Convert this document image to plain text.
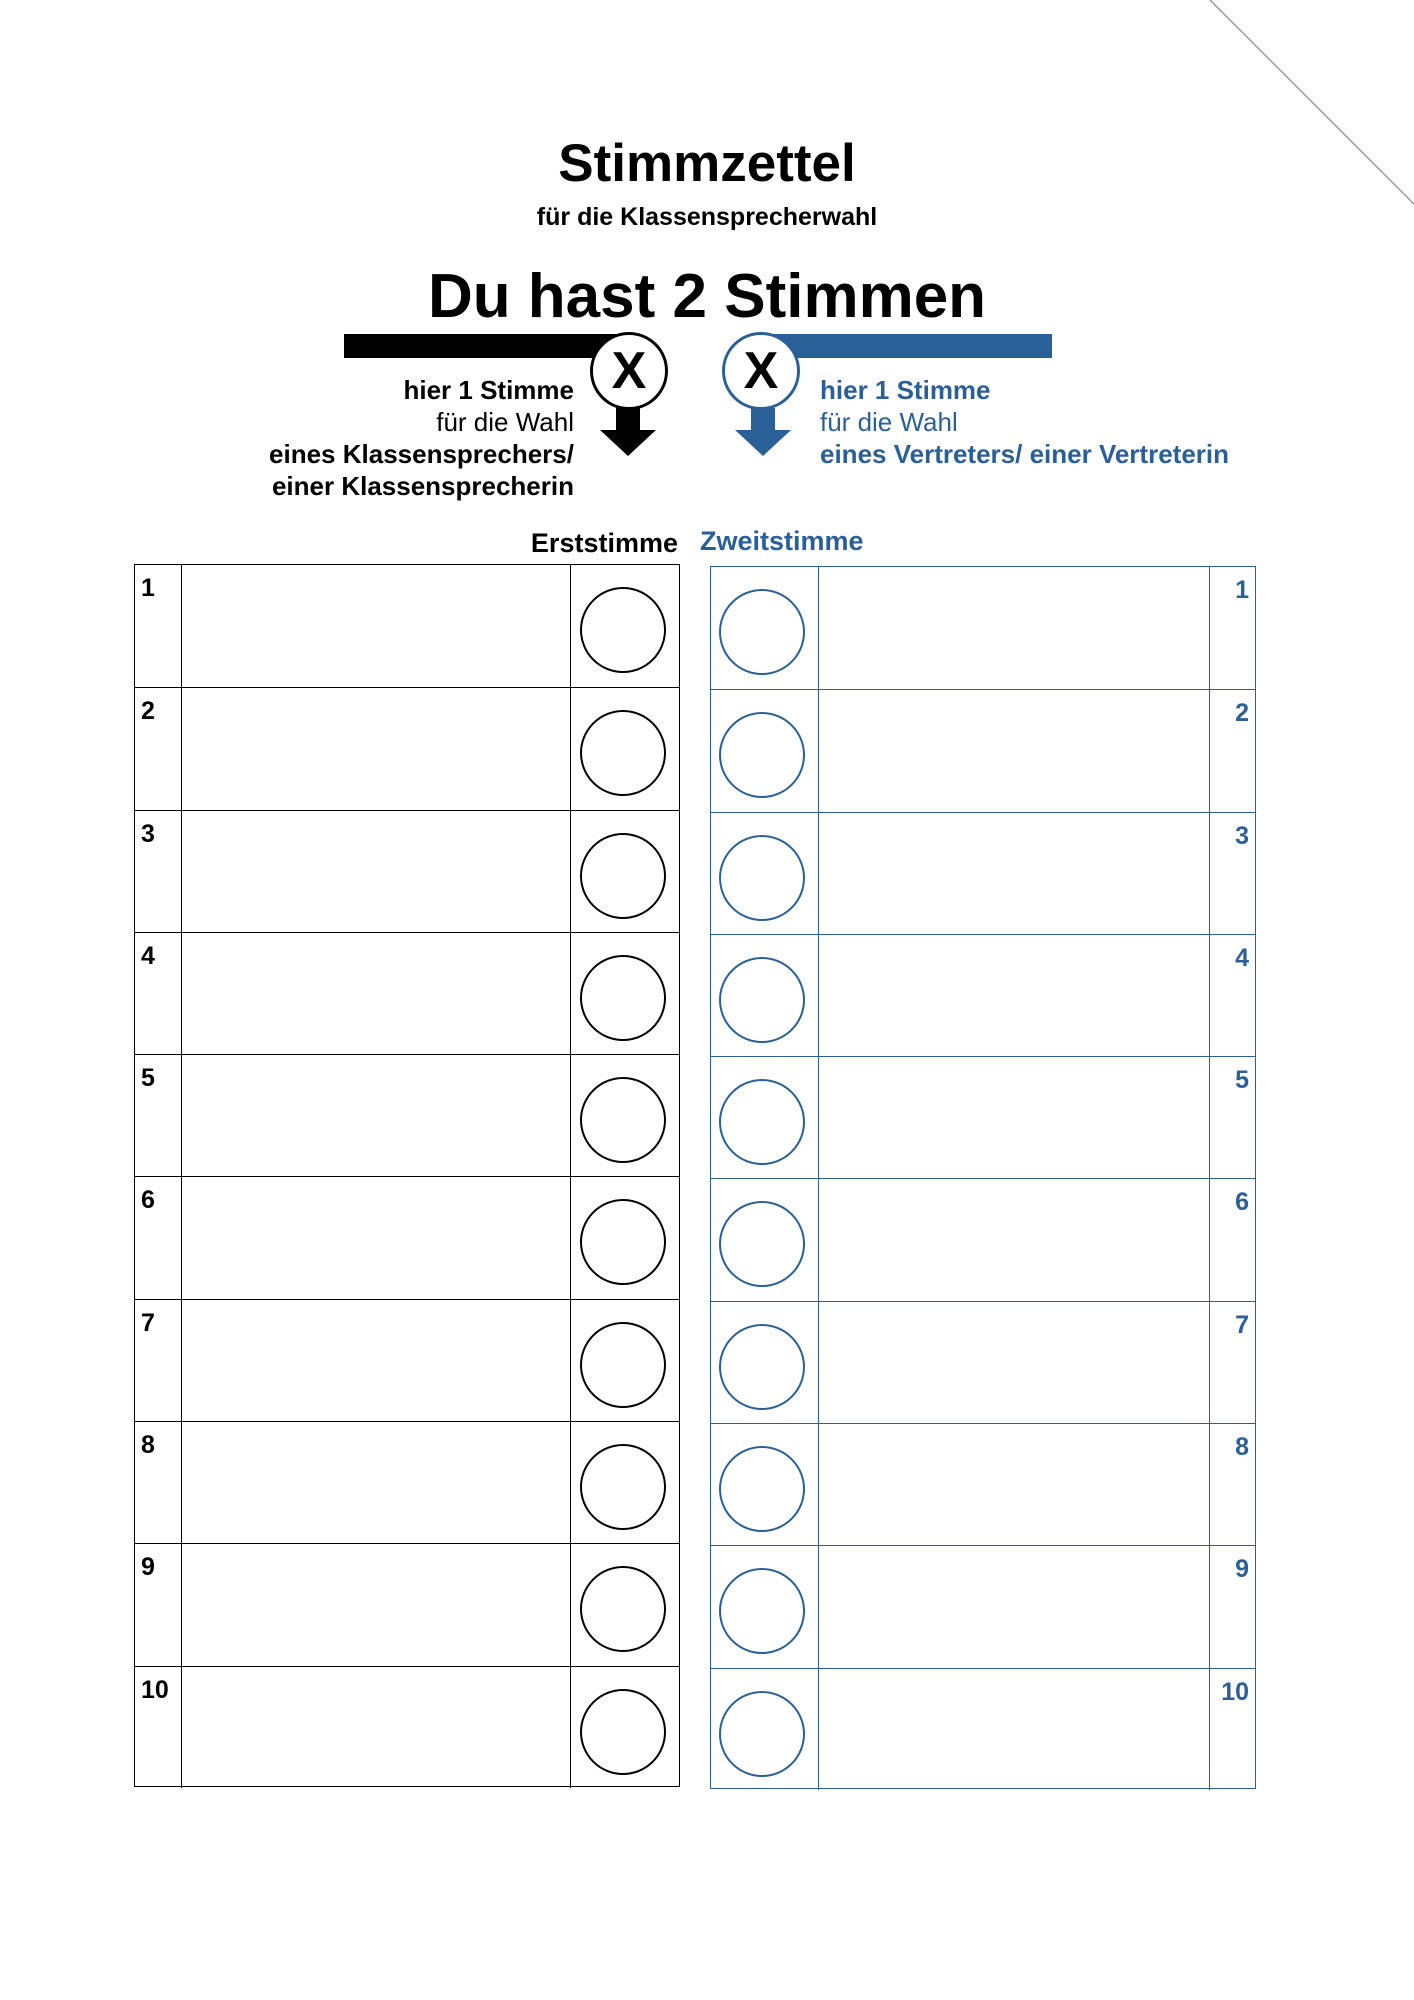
Stimmzettel
für die Klassensprecherwahl
Du hast 2 Stimmen
X	X
hier 1 Stimme
für die Wahl
eines Klassensprechers/
einer Klassensprecherin
hier 1 Stimme
für die Wahl
eines Vertreters/ einer Vertreterin
Erststimme Zweitstimme
1
2
3
4
5
6
7
8
9
10
1
2
3
4
5
6
7
8
9
10
